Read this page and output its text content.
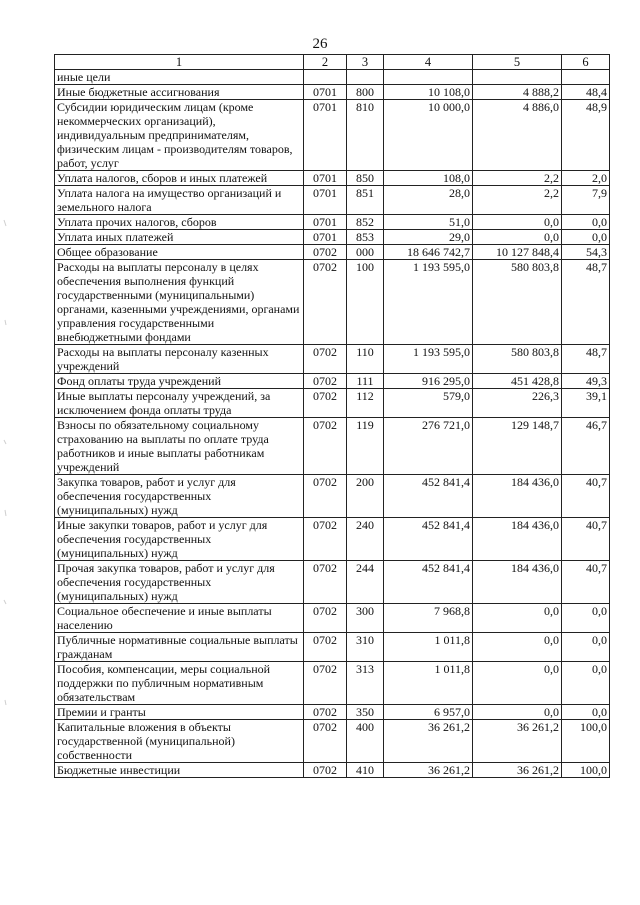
26
1	2	3	4	5	6
иные цели					
Иные бюджетные ассигнования	0701	800	10 108,0	4 888,2	48,4
Субсидии юридическим лицам (кроме некоммерческих организаций), индивидуальным предпринимателям, физическим лицам - производителям товаров, работ, услуг	0701	810	10 000,0	4 886,0	48,9
Уплата налогов, сборов и иных платежей	0701	850	108,0	2,2	2,0
Уплата налога на имущество организаций и земельного налога	0701	851	28,0	2,2	7,9
Уплата прочих налогов, сборов	0701	852	51,0	0,0	0,0
Уплата иных платежей	0701	853	29,0	0,0	0,0
Общее образование	0702	000	18 646 742,7	10 127 848,4	54,3
Расходы на выплаты персоналу в целях обеспечения выполнения функций государственными (муниципальными) органами, казенными учреждениями, органами управления государственными внебюджетными фондами	0702	100	1 193 595,0	580 803,8	48,7
Расходы на выплаты персоналу казенных учреждений	0702	110	1 193 595,0	580 803,8	48,7
Фонд оплаты труда учреждений	0702	111	916 295,0	451 428,8	49,3
Иные выплаты персоналу учреждений, за исключением фонда оплаты труда	0702	112	579,0	226,3	39,1
Взносы по обязательному социальному страхованию на выплаты по оплате труда работников и иные выплаты работникам учреждений	0702	119	276 721,0	129 148,7	46,7
Закупка товаров, работ и услуг для обеспечения государственных (муниципальных) нужд	0702	200	452 841,4	184 436,0	40,7
Иные закупки товаров, работ и услуг для обеспечения государственных (муниципальных) нужд	0702	240	452 841,4	184 436,0	40,7
Прочая закупка товаров, работ и услуг для обеспечения государственных (муниципальных) нужд	0702	244	452 841,4	184 436,0	40,7
Социальное обеспечение и иные выплаты населению	0702	300	7 968,8	0,0	0,0
Публичные нормативные социальные выплаты гражданам	0702	310	1 011,8	0,0	0,0
Пособия, компенсации, меры социальной поддержки по публичным нормативным обязательствам	0702	313	1 011,8	0,0	0,0
Премии и гранты	0702	350	6 957,0	0,0	0,0
Капитальные вложения в объекты государственной (муниципальной) собственности	0702	400	36 261,2	36 261,2	100,0
Бюджетные инвестиции	0702	410	36 261,2	36 261,2	100,0
